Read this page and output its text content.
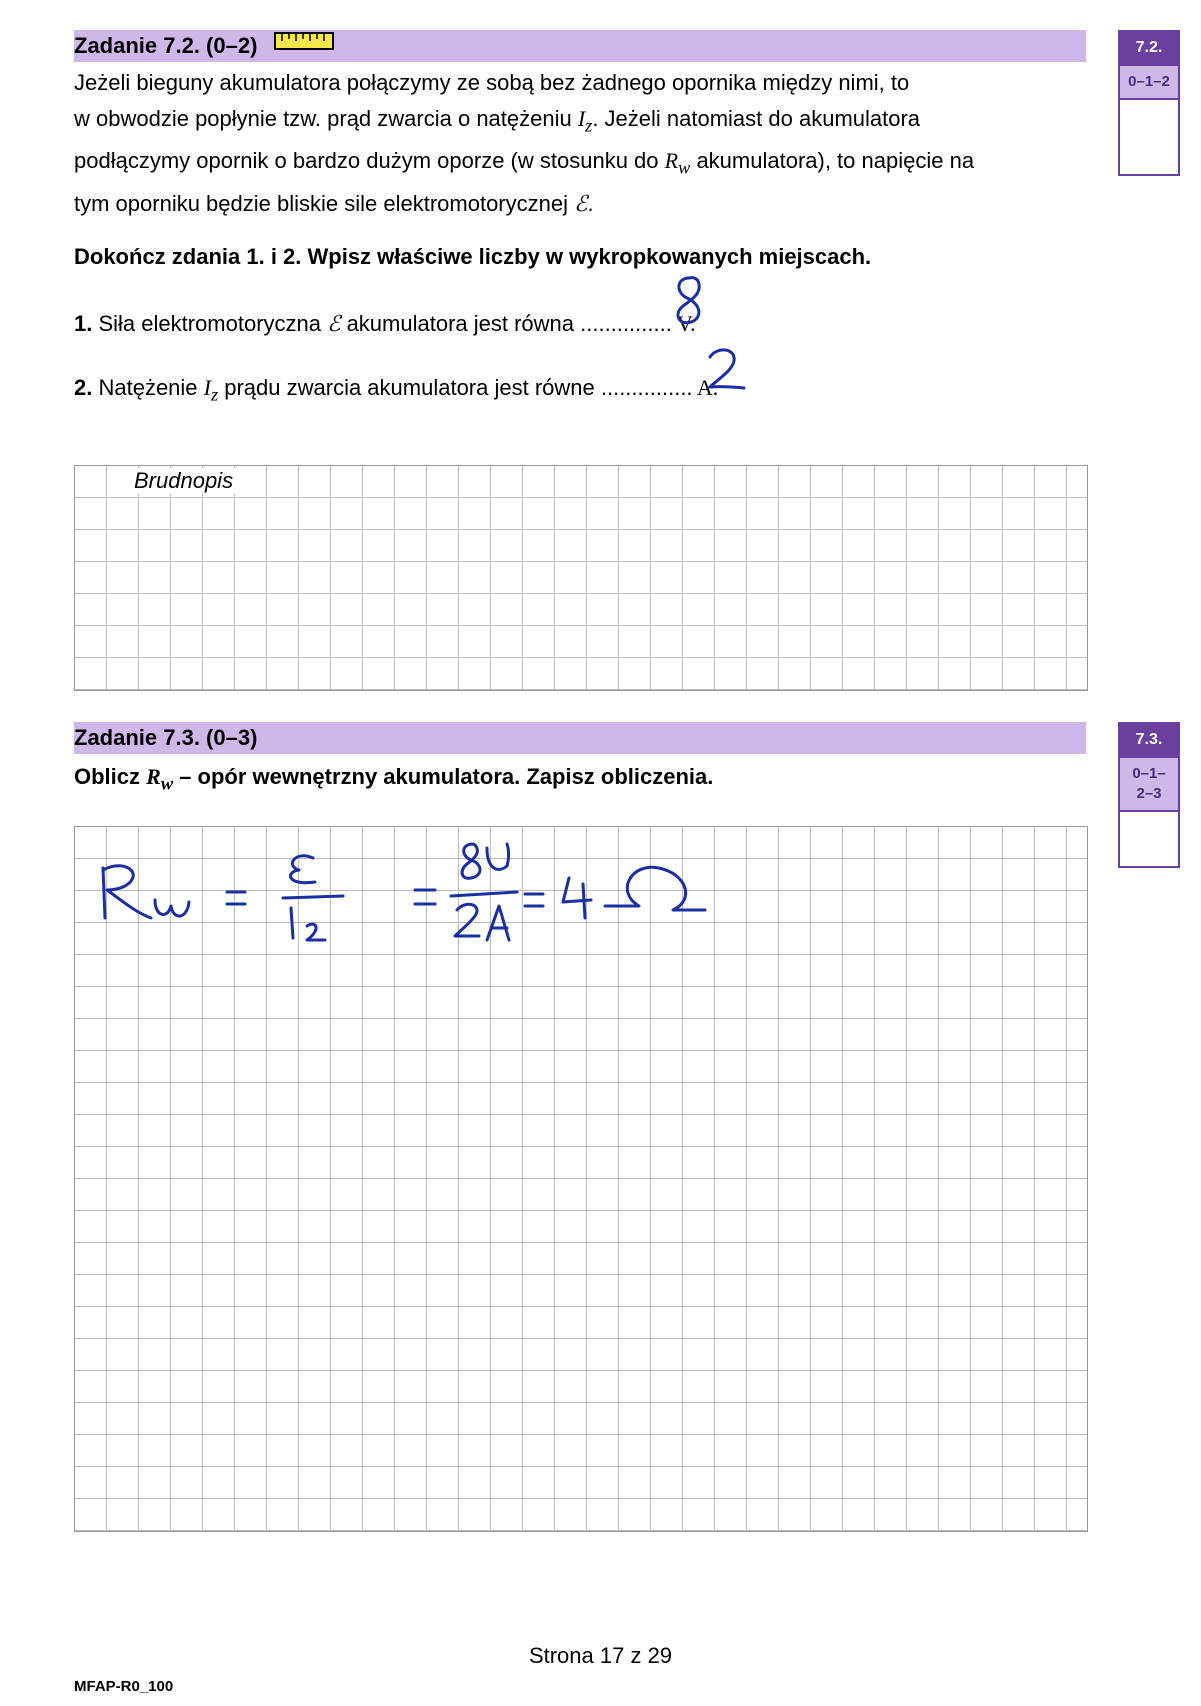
Zadanie 7.2. (0–2)	7.2.
0–1–2
Jeżeli bieguny akumulatora połączymy ze sobą bez żadnego opornika między nimi, to
w obwodzie popłynie tzw. prąd zwarcia o natężeniu $I_z$. Jeżeli natomiast do akumulatora
podłączymy opornik o bardzo dużym oporze (w stosunku do $R_w$ akumulatora), to napięcie na
tym oporniku będzie bliskie sile elektromotorycznej ℰ.
Dokończ zdania 1. i 2. Wpisz właściwe liczby w wykropkowanych miejscach.
1. Siła elektromotoryczna ℰ akumulatora jest równa ............... V.
2. Natężenie $I_z$ prądu zwarcia akumulatora jest równe ............... A.
Brudnopis
Zadanie 7.3. (0–3)	7.3.
0–1–
2–3
Oblicz $R_w$ – opór wewnętrzny akumulatora. Zapisz obliczenia.
Strona 17 z 29
MFAP-R0_100
